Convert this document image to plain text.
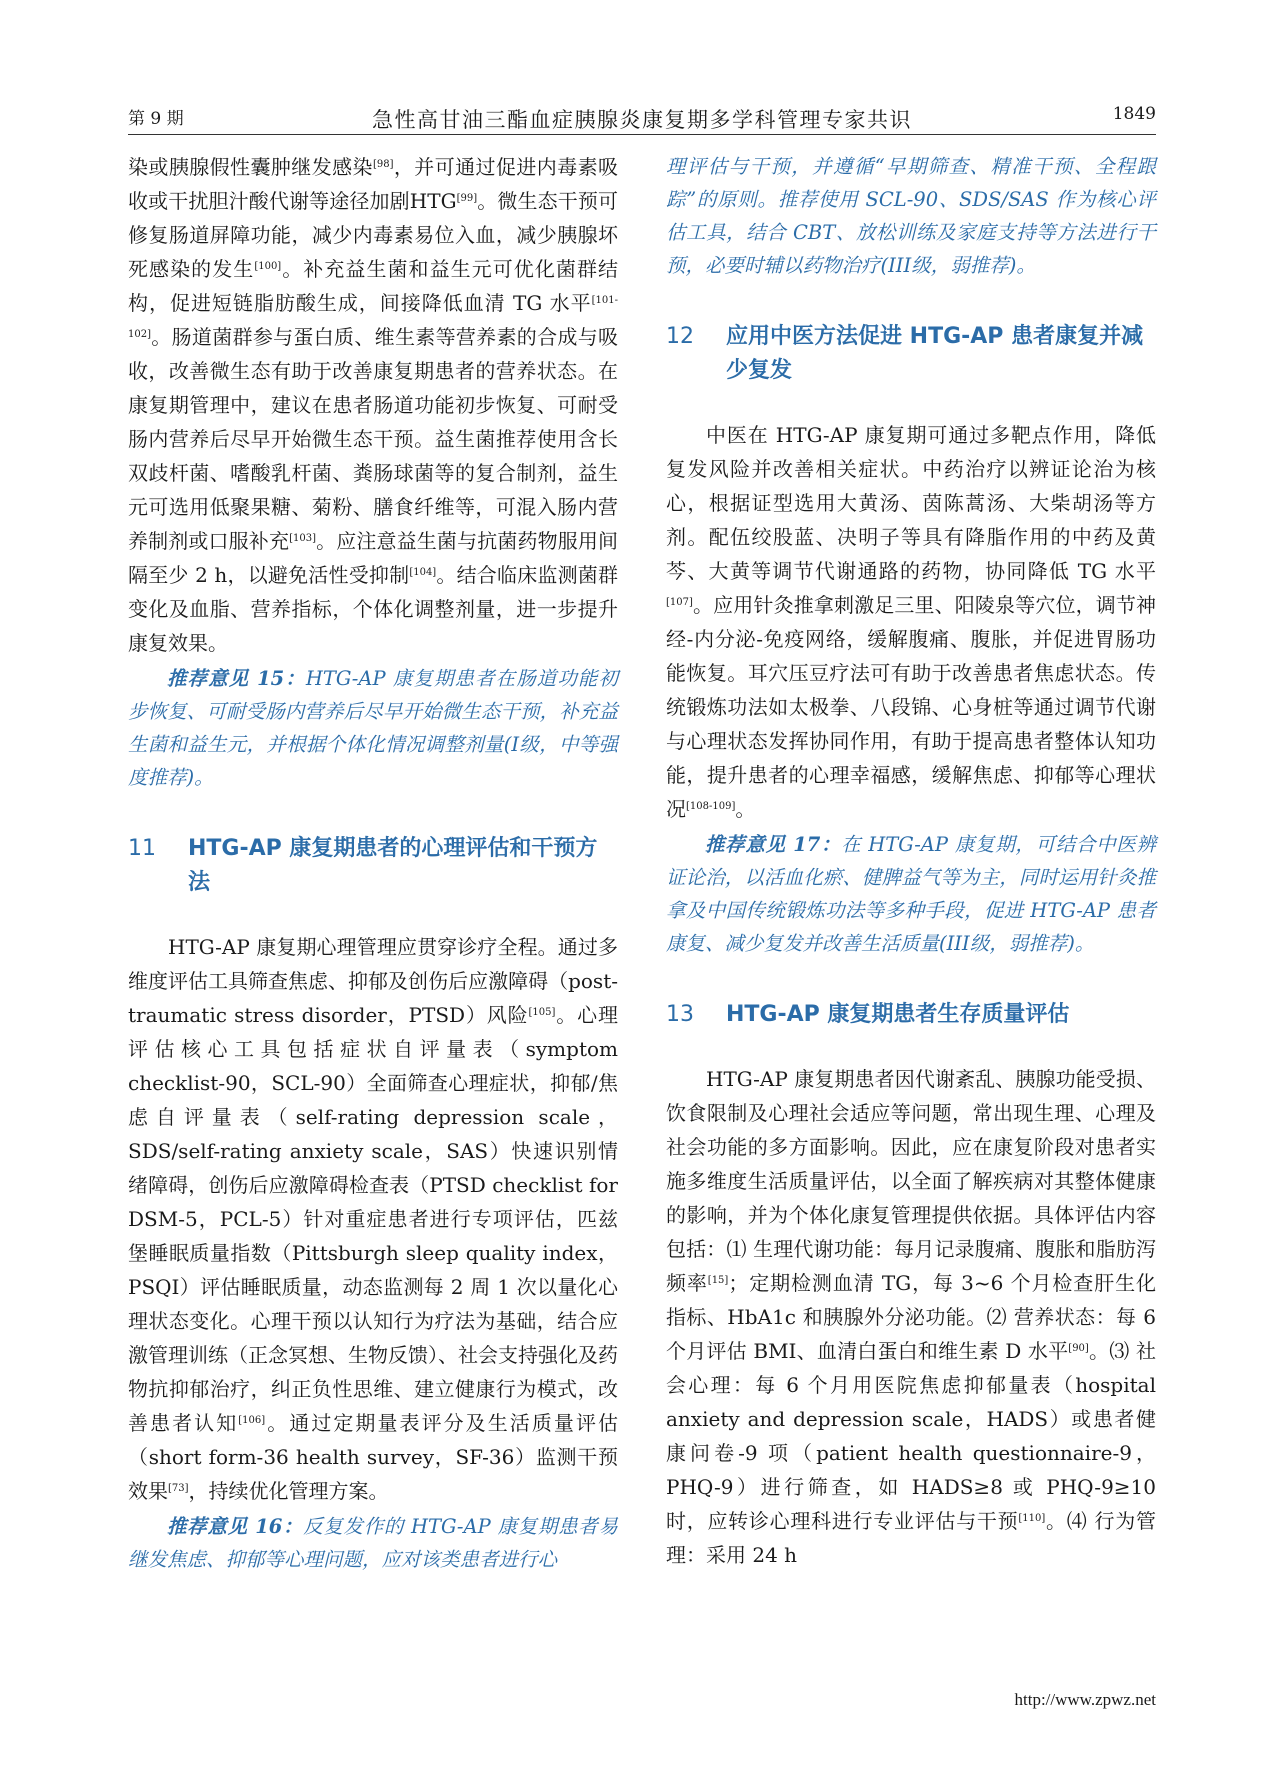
第 9 期	急性高甘油三酯血症胰腺炎康复期多学科管理专家共识	1849

染或胰腺假性囊肿继发感染[98]，并可通过促进内毒素吸收或干扰胆汁酸代谢等途径加剧HTG[99]。微生态干预可修复肠道屏障功能，减少内毒素易位入血，减少胰腺坏死感染的发生[100]。补充益生菌和益生元可优化菌群结构，促进短链脂肪酸生成，间接降低血清 TG 水平[101-102]。肠道菌群参与蛋白质、维生素等营养素的合成与吸收，改善微生态有助于改善康复期患者的营养状态。在康复期管理中，建议在患者肠道功能初步恢复、可耐受肠内营养后尽早开始微生态干预。益生菌推荐使用含长双歧杆菌、嗜酸乳杆菌、粪肠球菌等的复合制剂，益生元可选用低聚果糖、菊粉、膳食纤维等，可混入肠内营养制剂或口服补充[103]。应注意益生菌与抗菌药物服用间隔至少 2 h，以避免活性受抑制[104]。结合临床监测菌群变化及血脂、营养指标，个体化调整剂量，进一步提升康复效果。

推荐意见 15：HTG-AP 康复期患者在肠道功能初步恢复、可耐受肠内营养后尽早开始微生态干预，补充益生菌和益生元，并根据个体化情况调整剂量(I级，中等强度推荐)。

11	HTG-AP 康复期患者的心理评估和干预方法

HTG-AP 康复期心理管理应贯穿诊疗全程。通过多维度评估工具筛查焦虑、抑郁及创伤后应激障碍（post-traumatic stress disorder，PTSD）风险[105]。心理评估核心工具包括症状自评量表（symptom checklist-90，SCL-90）全面筛查心理症状，抑郁/焦虑自评量表（self-rating depression scale，SDS/self-rating anxiety scale，SAS）快速识别情绪障碍，创伤后应激障碍检查表（PTSD checklist for DSM-5，PCL-5）针对重症患者进行专项评估，匹兹堡睡眠质量指数（Pittsburgh sleep quality index，PSQI）评估睡眠质量，动态监测每 2 周 1 次以量化心理状态变化。心理干预以认知行为疗法为基础，结合应激管理训练（正念冥想、生物反馈）、社会支持强化及药物抗抑郁治疗，纠正负性思维、建立健康行为模式，改善患者认知[106]。通过定期量表评分及生活质量评估（short form-36 health survey，SF-36）监测干预效果[73]，持续优化管理方案。

推荐意见 16：反复发作的 HTG-AP 康复期患者易继发焦虑、抑郁等心理问题，应对该类患者进行心

理评估与干预，并遵循“早期筛查、精准干预、全程跟踪”的原则。推荐使用 SCL-90、SDS/SAS 作为核心评估工具，结合 CBT、放松训练及家庭支持等方法进行干预，必要时辅以药物治疗(III级，弱推荐)。

12	应用中医方法促进 HTG-AP 患者康复并减少复发

中医在 HTG-AP 康复期可通过多靶点作用，降低复发风险并改善相关症状。中药治疗以辨证论治为核心，根据证型选用大黄汤、茵陈蒿汤、大柴胡汤等方剂。配伍绞股蓝、决明子等具有降脂作用的中药及黄芩、大黄等调节代谢通路的药物，协同降低 TG 水平[107]。应用针灸推拿刺激足三里、阳陵泉等穴位，调节神经-内分泌-免疫网络，缓解腹痛、腹胀，并促进胃肠功能恢复。耳穴压豆疗法可有助于改善患者焦虑状态。传统锻炼功法如太极拳、八段锦、心身桩等通过调节代谢与心理状态发挥协同作用，有助于提高患者整体认知功能，提升患者的心理幸福感，缓解焦虑、抑郁等心理状况[108-109]。

推荐意见 17：在 HTG-AP 康复期，可结合中医辨证论治，以活血化瘀、健脾益气等为主，同时运用针灸推拿及中国传统锻炼功法等多种手段，促进 HTG-AP 患者康复、减少复发并改善生活质量(III级，弱推荐)。

13	HTG-AP 康复期患者生存质量评估

HTG-AP 康复期患者因代谢紊乱、胰腺功能受损、饮食限制及心理社会适应等问题，常出现生理、心理及社会功能的多方面影响。因此，应在康复阶段对患者实施多维度生活质量评估，以全面了解疾病对其整体健康的影响，并为个体化康复管理提供依据。具体评估内容包括：⑴ 生理代谢功能：每月记录腹痛、腹胀和脂肪泻频率[15]；定期检测血清 TG，每 3~6 个月检查肝生化指标、HbA1c 和胰腺外分泌功能。⑵ 营养状态：每 6 个月评估 BMI、血清白蛋白和维生素 D 水平[90]。⑶ 社会心理：每 6 个月用医院焦虑抑郁量表（hospital anxiety and depression scale，HADS）或患者健康问卷-9 项（patient health questionnaire-9，PHQ-9）进行筛查，如 HADS≥8 或 PHQ-9≥10 时，应转诊心理科进行专业评估与干预[110]。⑷ 行为管理：采用 24 h

http://www.zpwz.net
